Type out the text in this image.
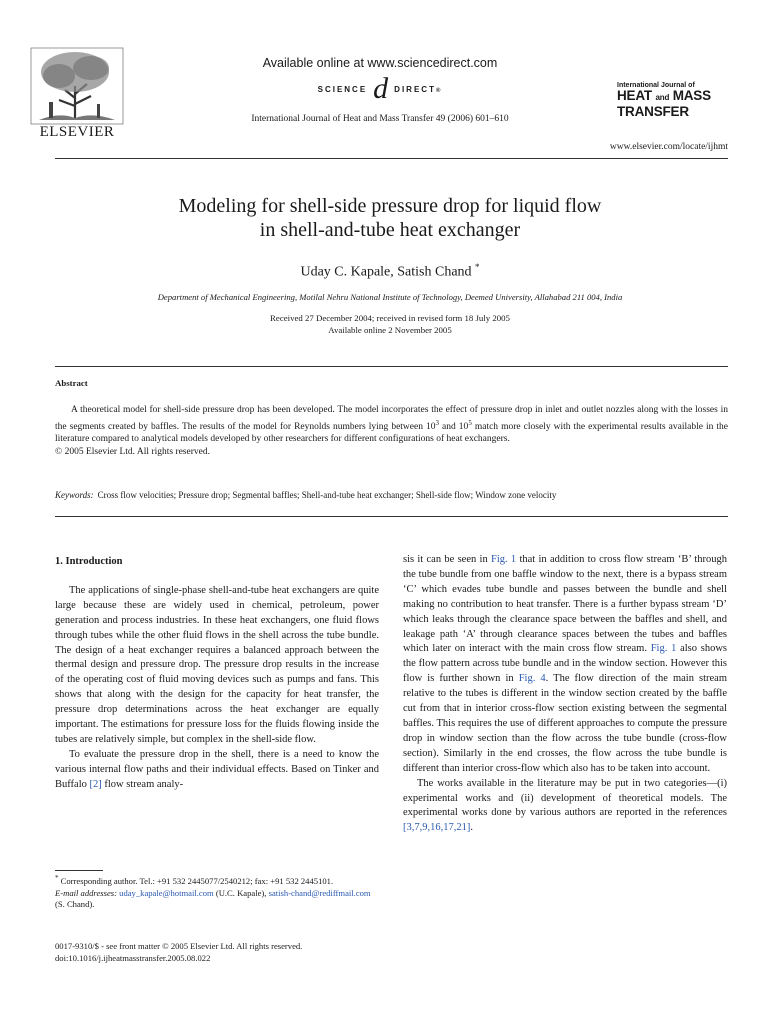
ELSEVIER
Available online at www.sciencedirect.com
SCIENCE d DIRECT®
International Journal of Heat and Mass Transfer 49 (2006) 601–610
International Journal of
HEAT and MASS
TRANSFER
www.elsevier.com/locate/ijhmt
Modeling for shell-side pressure drop for liquid flow
in shell-and-tube heat exchanger
Uday C. Kapale, Satish Chand *
Department of Mechanical Engineering, Motilal Nehru National Institute of Technology, Deemed University, Allahabad 211 004, India
Received 27 December 2004; received in revised form 18 July 2005
Available online 2 November 2005
Abstract

A theoretical model for shell-side pressure drop has been developed. The model incorporates the effect of pressure drop in inlet and outlet nozzles along with the losses in the segments created by baffles. The results of the model for Reynolds numbers lying between $10^3$ and $10^5$ match more closely with the experimental results available in the literature compared to analytical models developed by other researchers for different configurations of heat exchangers.

© 2005 Elsevier Ltd. All rights reserved.

Keywords: Cross flow velocities; Pressure drop; Segmental baffles; Shell-and-tube heat exchanger; Shell-side flow; Window zone velocity

1. Introduction

The applications of single-phase shell-and-tube heat exchangers are quite large because these are widely used in chemical, petroleum, power generation and process industries. In these heat exchangers, one fluid flows through tubes while the other fluid flows in the shell across the tube bundle. The design of a heat exchanger requires a balanced approach between the thermal design and pressure drop. The pressure drop results in the increase of the operating cost of fluid moving devices such as pumps and fans. This shows that along with the design for the capacity for heat transfer, the pressure drop determinations across the heat exchanger are equally important. The estimations for pressure loss for the fluids flowing inside the tubes are relatively simple, but complex in the shell-side flow.

To evaluate the pressure drop in the shell, there is a need to know the various internal flow paths and their individual effects. Based on Tinker and Buffalo [2] flow stream analy-

* Corresponding author. Tel.: +91 532 2445077/2540212; fax: +91 532 2445101.
E-mail addresses: uday_kapale@hotmail.com (U.C. Kapale), satish-chand@rediffmail.com (S. Chand).
0017-9310/$ - see front matter © 2005 Elsevier Ltd. All rights reserved.
doi:10.1016/j.ijheatmasstransfer.2005.08.022

sis it can be seen in Fig. 1 that in addition to cross flow stream ‘B’ through the tube bundle from one baffle window to the next, there is a bypass stream ‘C’ which evades tube bundle and passes between the bundle and shell making no contribution to heat transfer. There is a further bypass stream ‘D’ which leaks through the clearance space between the baffles and shell, and leakage path ‘A’ through clearance spaces between the tubes and baffles which later on interact with the main cross flow stream. Fig. 1 also shows the flow pattern across tube bundle and in the window section. However this flow is further shown in Fig. 4. The flow direction of the main stream relative to the tubes is different in the window section created by the baffle cut from that in interior cross-flow section existing between the segmental baffles. This requires the use of different approaches to compute the pressure drop in window section than the flow across the tube bundle (cross-flow section). Similarly in the end crosses, the flow across the tube bundle is different than interior cross-flow which also has to be taken into account.

The works available in the literature may be put in two categories—(i) experimental works and (ii) development of theoretical models. The experimental works done by various authors are reported in the references [3,7,9,16,17,21].
